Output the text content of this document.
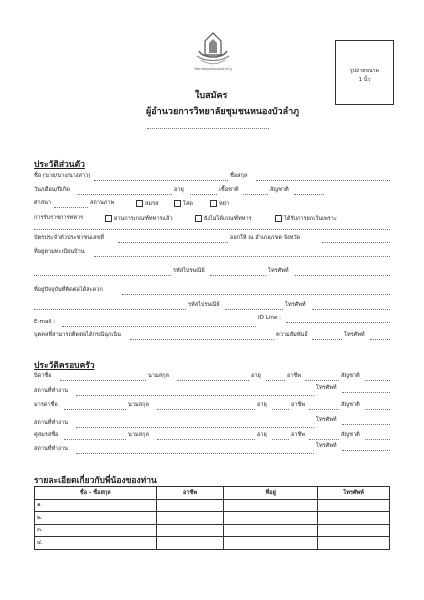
วิทยาลัยชุมชนหนองบัวลำภู	รูปถ่ายขนาด
1 นิ้ว
ใบสมัคร
ผู้อำนวยการวิทยาลัยชุมชนหนองบัวลำภู
ประวัติส่วนตัว
ชื่อ (นาย/นาง/นางสาว)	ชื่อสกุล
วัน/เดือน/ปีเกิด	อายุ	เชื้อชาติ	สัญชาติ
ศาสนา	สถานภาพ	สมรส	โสด	หย่า
การรับราชการทหาร	ผ่านการเกณฑ์ทหารแล้ว	ยังไม่ได้เกณฑ์ทหาร	ได้รับการยกเว้นเพราะ
บัตรประจำตัวประชาชนเลขที่	ออกให้ ณ อำเภอ/เขต จังหวัด
ที่อยู่ตามทะเบียนบ้าน
รหัสไปรษณีย์	โทรศัพท์
ที่อยู่ปัจจุบันที่ติดต่อได้สะดวก
รหัสไปรษณีย์	โทรศัพท์
E-mail :
ID Line :
บุคคลที่สามารถติดต่อได้กรณีฉุกเฉิน	ความสัมพันธ์	โทรศัพท์
ประวัติครอบครัว
บิดาชื่อ	นามสกุล	อายุ	อาชีพ	สัญชาติ
สถานที่ทำงาน	โทรศัพท์
มารดาชื่อ	นามสกุล	อายุ	อาชีพ	สัญชาติ
สถานที่ทำงาน	โทรศัพท์
คู่สมรสชื่อ	นามสกุล	อายุ	อาชีพ	สัญชาติ
สถานที่ทำงาน	โทรศัพท์
รายละเอียดเกี่ยวกับพี่น้องของท่าน
ชื่อ - ชื่อสกุล	อาชีพ	ที่อยู่	โทรศัพท์
๑.			
๒.			
๓.			
๔.			
